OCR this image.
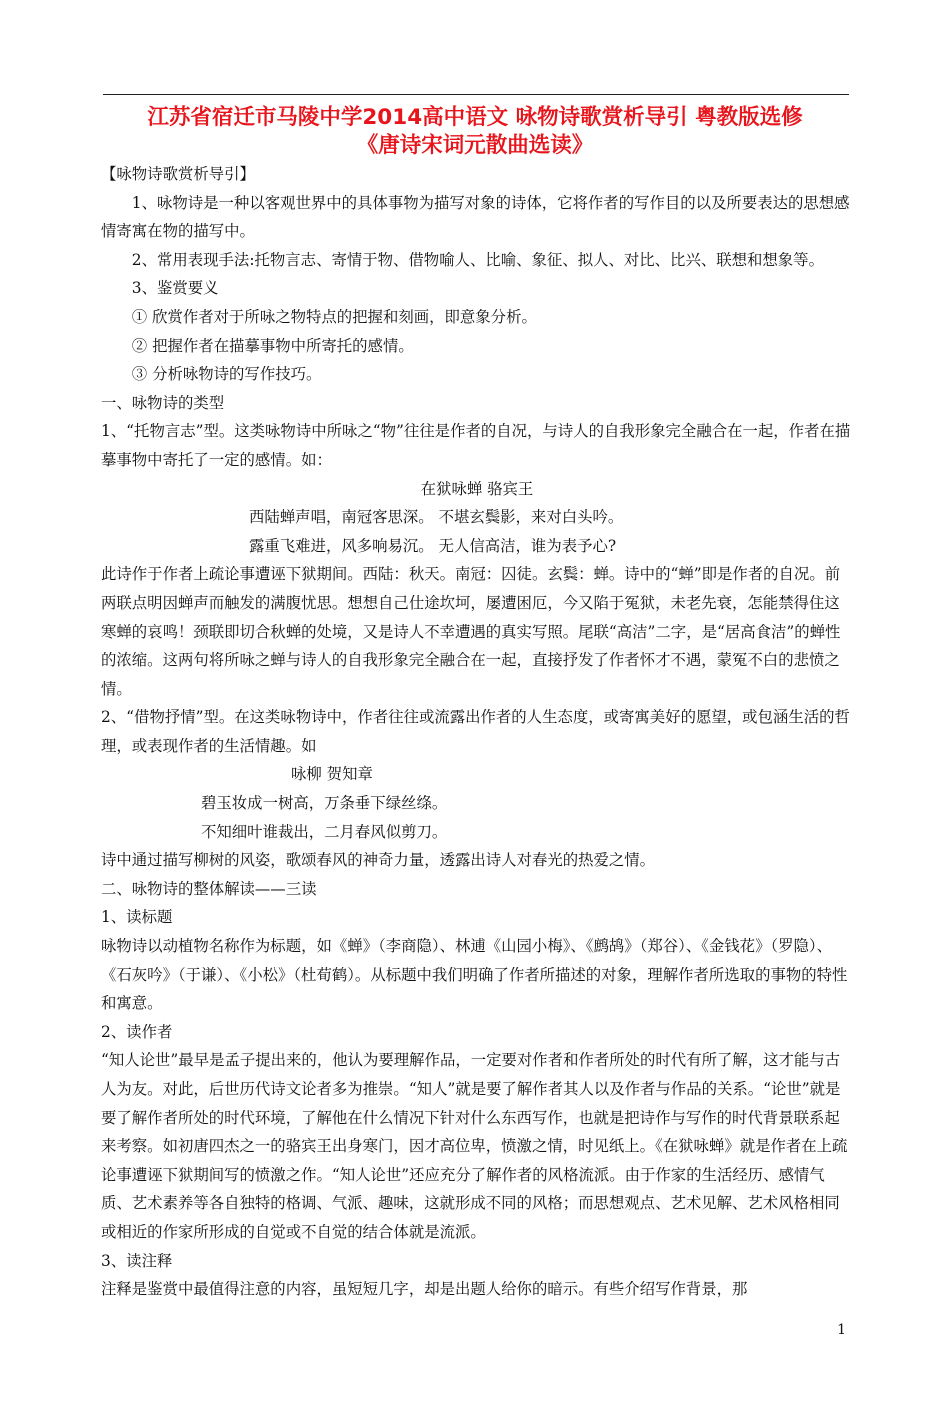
江苏省宿迁市马陵中学2014高中语文 咏物诗歌赏析导引 粤教版选修
《唐诗宋词元散曲选读》

【咏物诗歌赏析导引】

1、咏物诗是一种以客观世界中的具体事物为描写对象的诗体，它将作者的写作目的以及所要表达的思想感情寄寓在物的描写中。

2、常用表现手法:托物言志、寄情于物、借物喻人、比喻、象征、拟人、对比、比兴、联想和想象等。

3、鉴赏要义

① 欣赏作者对于所咏之物特点的把握和刻画，即意象分析。

② 把握作者在描摹事物中所寄托的感情。

③ 分析咏物诗的写作技巧。

一、咏物诗的类型

1、“托物言志”型。这类咏物诗中所咏之“物”往往是作者的自况，与诗人的自我形象完全融合在一起，作者在描摹事物中寄托了一定的感情。如：

在狱咏蝉 骆宾王

西陆蝉声唱，南冠客思深。 不堪玄鬓影，来对白头吟。

露重飞难进，风多响易沉。 无人信高洁，谁为表予心?

此诗作于作者上疏论事遭诬下狱期间。西陆：秋天。南冠：囚徒。玄鬓：蝉。诗中的“蝉”即是作者的自况。前两联点明因蝉声而触发的满腹忧思。想想自己仕途坎坷，屡遭困厄，今又陷于冤狱，未老先衰，怎能禁得住这寒蝉的哀鸣！颈联即切合秋蝉的处境，又是诗人不幸遭遇的真实写照。尾联“高洁”二字，是“居高食洁”的蝉性的浓缩。这两句将所咏之蝉与诗人的自我形象完全融合在一起，直接抒发了作者怀才不遇，蒙冤不白的悲愤之情。

2、“借物抒情”型。在这类咏物诗中，作者往往或流露出作者的人生态度，或寄寓美好的愿望，或包涵生活的哲理，或表现作者的生活情趣。如

咏柳 贺知章

碧玉妆成一树高，万条垂下绿丝绦。

不知细叶谁裁出，二月春风似剪刀。

诗中通过描写柳树的风姿，歌颂春风的神奇力量，透露出诗人对春光的热爱之情。

二、咏物诗的整体解读——三读

1、读标题

咏物诗以动植物名称作为标题，如《蝉》（李商隐）、林逋《山园小梅》、《鹧鸪》（郑谷）、《金钱花》（罗隐）、《石灰吟》（于谦）、《小松》（杜荀鹤）。从标题中我们明确了作者所描述的对象，理解作者所选取的事物的特性和寓意。

2、读作者

“知人论世”最早是孟子提出来的，他认为要理解作品，一定要对作者和作者所处的时代有所了解，这才能与古人为友。对此，后世历代诗文论者多为推崇。“知人”就是要了解作者其人以及作者与作品的关系。“论世”就是要了解作者所处的时代环境，了解他在什么情况下针对什么东西写作，也就是把诗作与写作的时代背景联系起来考察。如初唐四杰之一的骆宾王出身寒门，因才高位卑，愤激之情，时见纸上。《在狱咏蝉》就是作者在上疏论事遭诬下狱期间写的愤激之作。“知人论世”还应充分了解作者的风格流派。由于作家的生活经历、感情气质、艺术素养等各自独特的格调、气派、趣味，这就形成不同的风格；而思想观点、艺术见解、艺术风格相同或相近的作家所形成的自觉或不自觉的结合体就是流派。

3、读注释

注释是鉴赏中最值得注意的内容，虽短短几字，却是出题人给你的暗示。有些介绍写作背景，那

1
